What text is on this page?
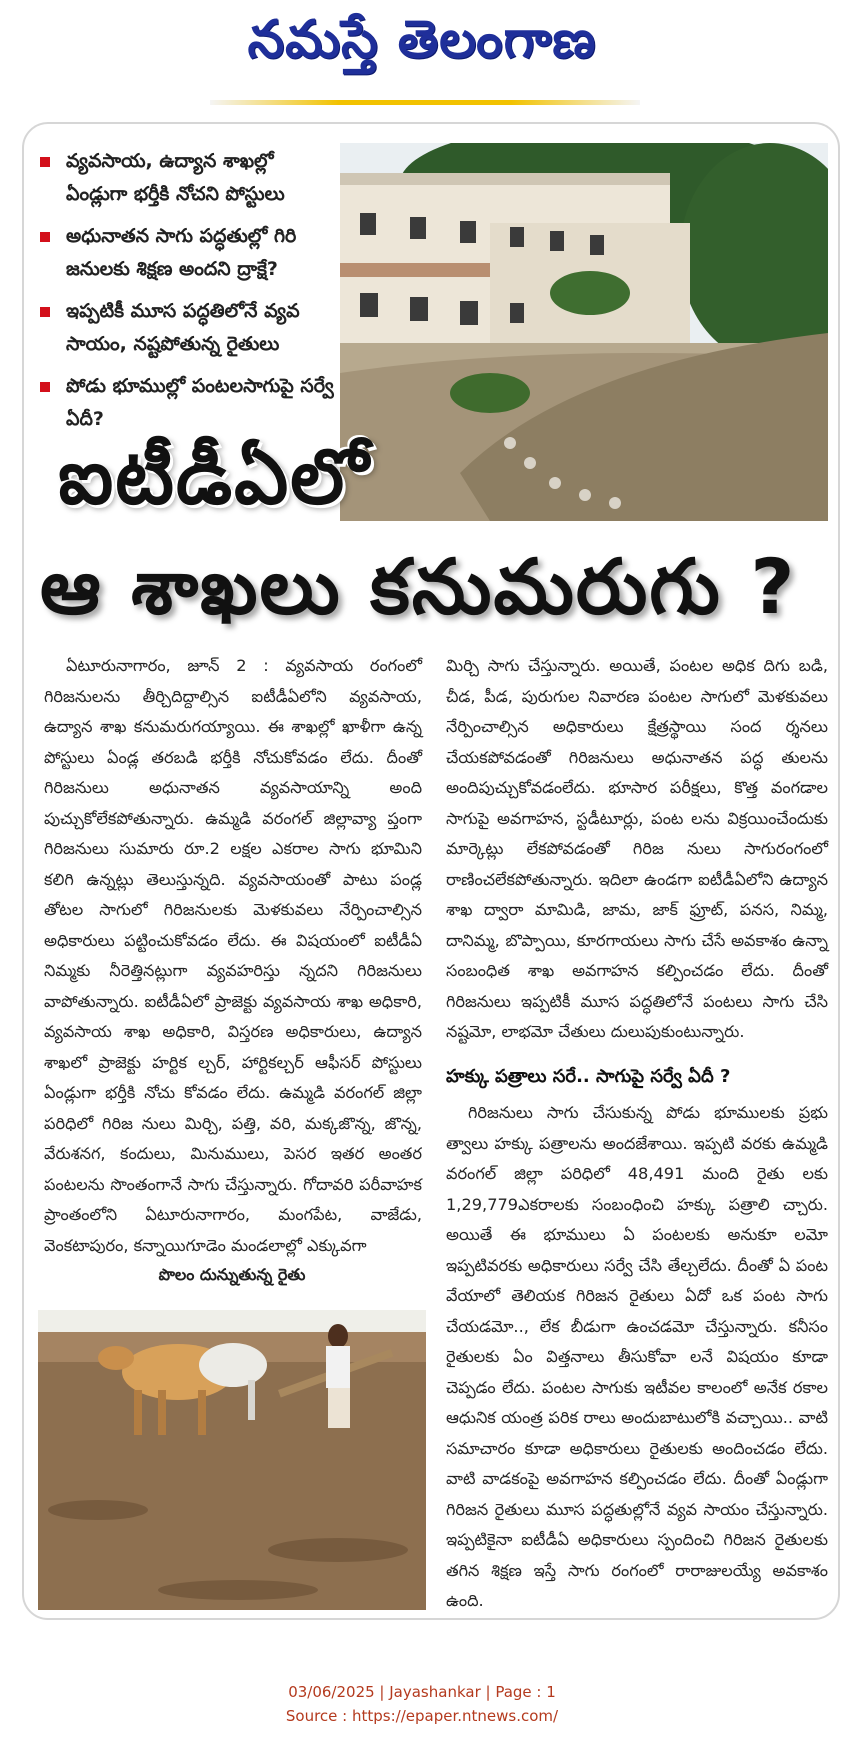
నమస్తే తెలంగాణ
వ్యవసాయ, ఉద్యాన శాఖల్లో ఏండ్లుగా భర్తీకి నోచని పోస్టులు
అధునాతన సాగు పద్ధతుల్లో గిరి జనులకు శిక్షణ అందని ద్రాక్షే?
ఇప్పటికీ మూస పద్ధతిలోనే వ్యవ సాయం, నష్టపోతున్న రైతులు
పోడు భూముల్లో పంటలసాగుపై సర్వే ఏదీ?
ఐటీడీఏలో
ఆ శాఖలు కనుమరుగు ?

ఏటూరునాగారం, జూన్ 2 : వ్యవసాయ రంగంలో గిరిజనులను తీర్చిదిద్దాల్సిన ఐటీడీఏలోని వ్యవసాయ, ఉద్యాన శాఖ కనుమరుగయ్యాయి. ఈ శాఖల్లో ఖాళీగా ఉన్న పోస్టులు ఏండ్ల తరబడి భర్తీకి నోచుకోవడం లేదు. దీంతో గిరిజనులు అధునాతన వ్యవసాయాన్ని అంది పుచ్చుకోలేకపోతున్నారు. ఉమ్మడి వరంగల్ జిల్లావ్యా ప్తంగా గిరిజనులు సుమారు రూ.2 లక్షల ఎకరాల సాగు భూమిని కలిగి ఉన్నట్లు తెలుస్తున్నది. వ్యవసాయంతో పాటు పండ్ల తోటల సాగులో గిరిజనులకు మెళకువలు నేర్పించాల్సిన అధికారులు పట్టించుకోవడం లేదు. ఈ విషయంలో ఐటీడీఏ నిమ్మకు నీరెత్తినట్లుగా వ్యవహరిస్తు న్నదని గిరిజనులు వాపోతున్నారు. ఐటీడీఏలో ప్రాజెక్టు వ్యవసాయ శాఖ అధికారి, వ్యవసాయ శాఖ అధికారి, విస్తరణ అధికారులు, ఉద్యాన శాఖలో ప్రాజెక్టు హర్టిక ల్చర్, హార్టికల్చర్ ఆఫీసర్ పోస్టులు ఏండ్లుగా భర్తీకి నోచు కోవడం లేదు. ఉమ్మడి వరంగల్ జిల్లా పరిధిలో గిరిజ నులు మిర్చి, పత్తి, వరి, మక్కజొన్న, జొన్న, వేరుశనగ, కందులు, మినుములు, పెసర ఇతర అంతర పంటలను సొంతంగానే సాగు చేస్తున్నారు. గోదావరి పరీవాహక ప్రాంతంలోని ఏటూరునాగారం, మంగపేట, వాజేడు, వెంకటాపురం, కన్నాయిగూడెం మండలాల్లో ఎక్కువగా

పొలం దున్నుతున్న రైతు

మిర్చి సాగు చేస్తున్నారు. అయితే, పంటల అధిక దిగు బడి, చీడ, పీడ, పురుగుల నివారణ పంటల సాగులో మెళకువలు నేర్పించాల్సిన అధికారులు క్షేత్రస్థాయి సంద ర్శనలు చేయకపోవడంతో గిరిజనులు అధునాతన పద్ధ తులను అందిపుచ్చుకోవడంలేదు. భూసార పరీక్షలు, కొత్త వంగడాల సాగుపై అవగాహన, స్టడీటూర్లు, పంట లను విక్రయించేందుకు మార్కెట్లు లేకపోవడంతో గిరిజ నులు సాగురంగంలో రాణించలేకపోతున్నారు. ఇదిలా ఉండగా ఐటీడీఏలోని ఉద్యాన శాఖ ద్వారా మామిడి, జామ, జాక్ ఫ్రూట్, పనస, నిమ్మ, దానిమ్మ, బొప్పాయి, కూరగాయలు సాగు చేసే అవకాశం ఉన్నా సంబంధిత శాఖ అవగాహన కల్పించడం లేదు. దీంతో గిరిజనులు ఇప్పటికీ మూస పద్ధతిలోనే పంటలు సాగు చేసి నష్టమో, లాభమో చేతులు దులుపుకుంటున్నారు.

హక్కు పత్రాలు సరే.. సాగుపై సర్వే ఏదీ ?

గిరిజనులు సాగు చేసుకున్న పోడు భూములకు ప్రభు త్వాలు హక్కు పత్రాలను అందజేశాయి. ఇప్పటి వరకు ఉమ్మడి వరంగల్ జిల్లా పరిధిలో 48,491 మంది రైతు లకు 1,29,779ఎకరాలకు సంబంధించి హక్కు పత్రాలి చ్చారు. అయితే ఈ భూములు ఏ పంటలకు అనుకూ లమో ఇప్పటివరకు అధికారులు సర్వే చేసి తేల్చలేదు. దీంతో ఏ పంట వేయాలో తెలియక గిరిజన రైతులు ఏదో ఒక పంట సాగు చేయడమో.., లేక బీడుగా ఉంచడమో చేస్తున్నారు. కనీసం రైతులకు ఏం విత్తనాలు తీసుకోవా లనే విషయం కూడా చెప్పడం లేదు. పంటల సాగుకు ఇటీవల కాలంలో అనేక రకాల ఆధునిక యంత్ర పరిక రాలు అందుబాటులోకి వచ్చాయి.. వాటి సమాచారం కూడా అధికారులు రైతులకు అందించడం లేదు. వాటి వాడకంపై అవగాహన కల్పించడం లేదు. దీంతో ఏండ్లుగా గిరిజన రైతులు మూస పద్ధతుల్లోనే వ్యవ సాయం చేస్తున్నారు. ఇప్పటికైనా ఐటీడీఏ అధికారులు స్పందించి గిరిజన రైతులకు తగిన శిక్షణ ఇస్తే సాగు రంగంలో రారాజులయ్యే అవకాశం ఉంది.

03/06/2025 | Jayashankar | Page : 1
Source : https://epaper.ntnews.com/
